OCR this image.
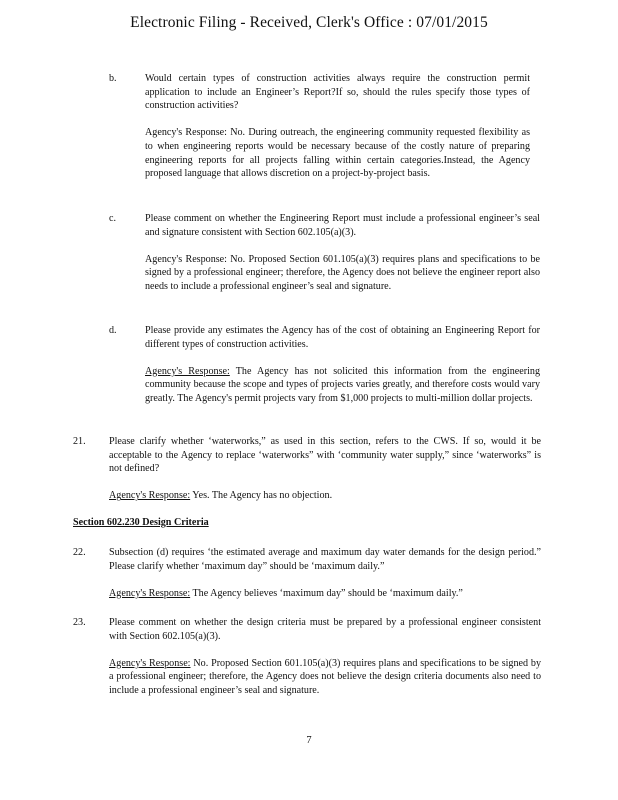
Electronic Filing - Received, Clerk's Office : 07/01/2015
b.	Would certain types of construction activities always require the construction permit application to include an Engineer’s Report?If so, should the rules specify those types of construction activities?
Agency's Response: No. During outreach, the engineering community requested flexibility as to when engineering reports would be necessary because of the costly nature of preparing engineering reports for all projects falling within certain categories.Instead, the Agency proposed language that allows discretion on a project-by-project basis.
c.	Please comment on whether the Engineering Report must include a professional engineer’s seal and signature consistent with Section 602.105(a)(3).
Agency's Response: No. Proposed Section 601.105(a)(3) requires plans and specifications to be signed by a professional engineer; therefore, the Agency does not believe the engineer report also needs to include a professional engineer’s seal and signature.
d.	Please provide any estimates the Agency has of the cost of obtaining an Engineering Report for different types of construction activities.
Agency's Response: The Agency has not solicited this information from the engineering community because the scope and types of projects varies greatly, and therefore costs would vary greatly. The Agency's permit projects vary from $1,000 projects to multi-million dollar projects.
21. Please clarify whether ‘waterworks,” as used in this section, refers to the CWS. If so, would it be acceptable to the Agency to replace ‘waterworks” with ‘community water supply,” since ‘waterworks” is not defined?
Agency's Response: Yes. The Agency has no objection.
Section 602.230 Design Criteria
22. Subsection (d) requires ‘the estimated average and maximum day water demands for the design period.” Please clarify whether ‘maximum day” should be ‘maximum daily.”
Agency's Response: The Agency believes ‘maximum day” should be ‘maximum daily.”
23. Please comment on whether the design criteria must be prepared by a professional engineer consistent with Section 602.105(a)(3).
Agency's Response: No. Proposed Section 601.105(a)(3) requires plans and specifications to be signed by a professional engineer; therefore, the Agency does not believe the design criteria documents also need to include a professional engineer’s seal and signature.
7
